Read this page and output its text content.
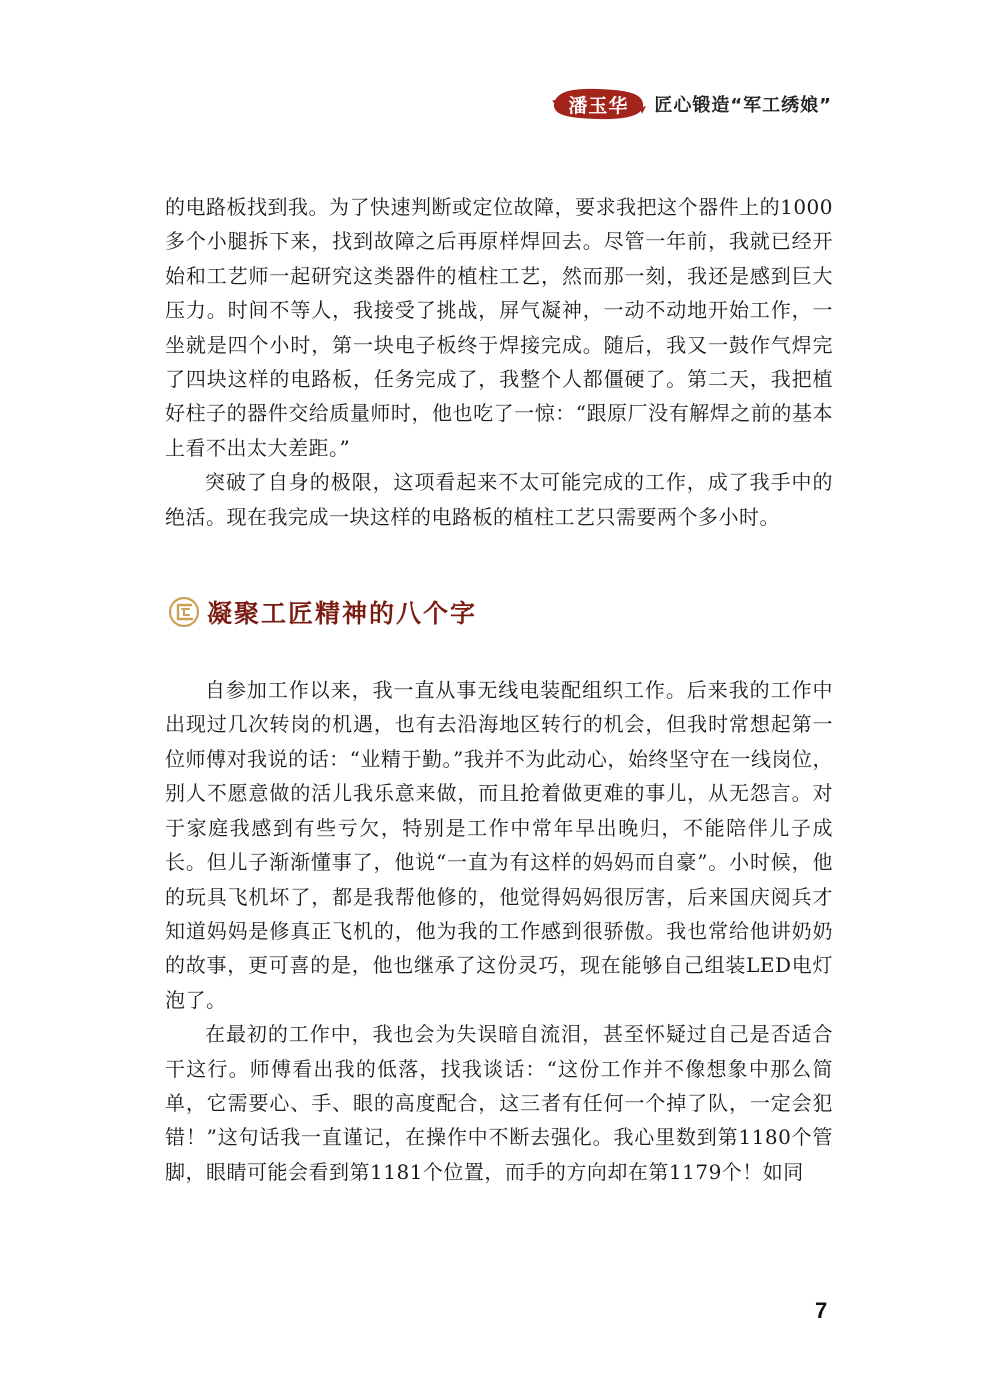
潘玉华 匠心锻造“军工绣娘”

的电路板找到我。为了快速判断或定位故障，要求我把这个器件上的1000多个小腿拆下来，找到故障之后再原样焊回去。尽管一年前，我就已经开始和工艺师一起研究这类器件的植柱工艺，然而那一刻，我还是感到巨大压力。时间不等人，我接受了挑战，屏气凝神，一动不动地开始工作，一坐就是四个小时，第一块电子板终于焊接完成。随后，我又一鼓作气焊完了四块这样的电路板，任务完成了，我整个人都僵硬了。第二天，我把植好柱子的器件交给质量师时，他也吃了一惊：“跟原厂没有解焊之前的基本上看不出太大差距。”

突破了自身的极限，这项看起来不太可能完成的工作，成了我手中的绝活。现在我完成一块这样的电路板的植柱工艺只需要两个多小时。

凝聚工匠精神的八个字

自参加工作以来，我一直从事无线电装配组织工作。后来我的工作中出现过几次转岗的机遇，也有去沿海地区转行的机会，但我时常想起第一位师傅对我说的话：“业精于勤。”我并不为此动心，始终坚守在一线岗位，别人不愿意做的活儿我乐意来做，而且抢着做更难的事儿，从无怨言。对于家庭我感到有些亏欠，特别是工作中常年早出晚归，不能陪伴儿子成长。但儿子渐渐懂事了，他说“一直为有这样的妈妈而自豪”。小时候，他的玩具飞机坏了，都是我帮他修的，他觉得妈妈很厉害，后来国庆阅兵才知道妈妈是修真正飞机的，他为我的工作感到很骄傲。我也常给他讲奶奶的故事，更可喜的是，他也继承了这份灵巧，现在能够自己组装LED电灯泡了。

在最初的工作中，我也会为失误暗自流泪，甚至怀疑过自己是否适合干这行。师傅看出我的低落，找我谈话：“这份工作并不像想象中那么简单，它需要心、手、眼的高度配合，这三者有任何一个掉了队，一定会犯错！”这句话我一直谨记，在操作中不断去强化。我心里数到第1180个管脚，眼睛可能会看到第1181个位置，而手的方向却在第1179个！如同

7
